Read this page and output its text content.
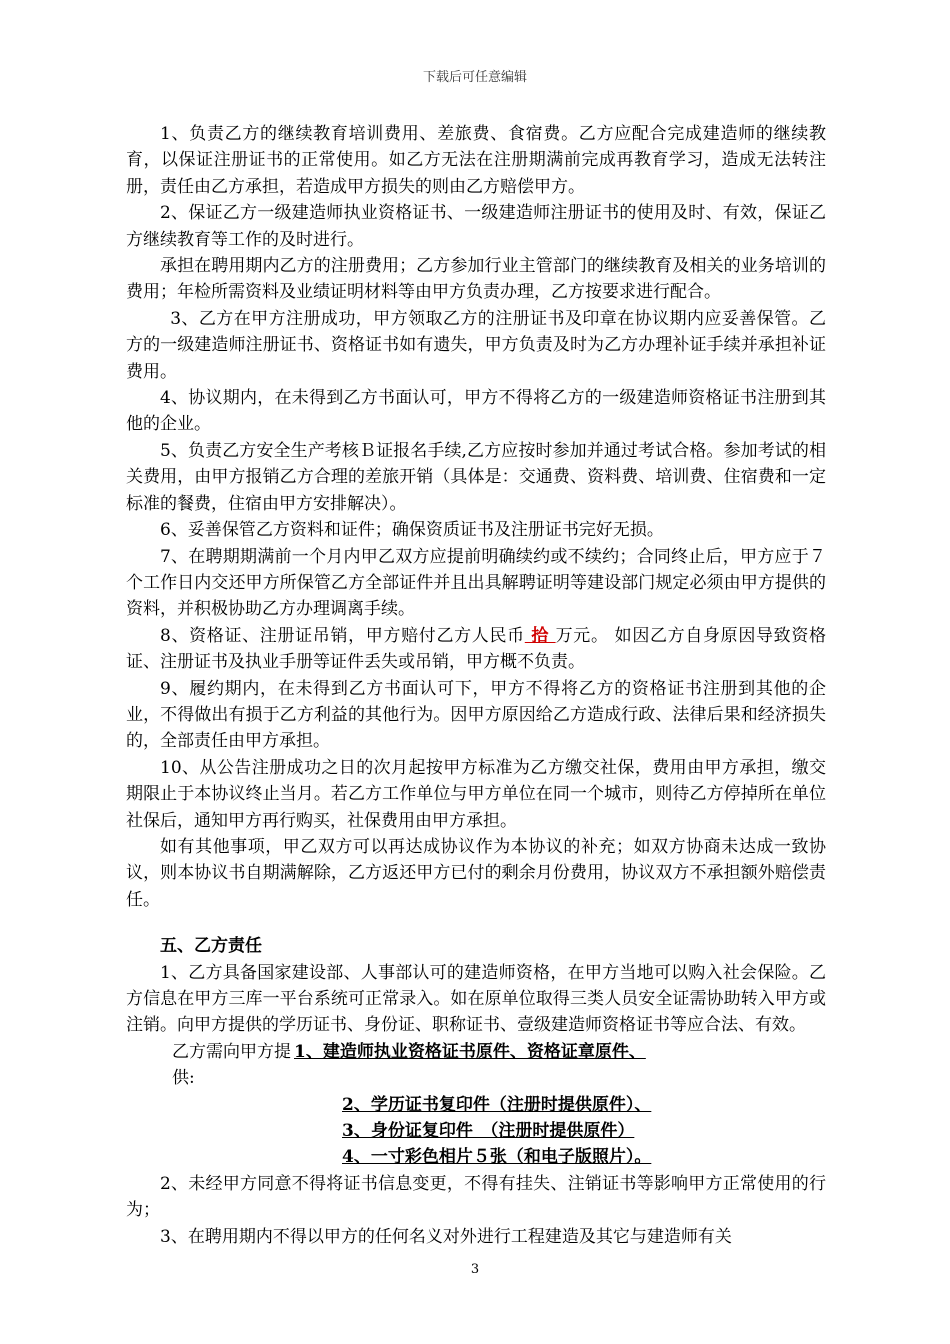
下载后可任意编辑

1、负责乙方的继续教育培训费用、差旅费、食宿费。乙方应配合完成建造师的继续教育，以保证注册证书的正常使用。如乙方无法在注册期满前完成再教育学习，造成无法转注册，责任由乙方承担，若造成甲方损失的则由乙方赔偿甲方。

2、保证乙方一级建造师执业资格证书、一级建造师注册证书的使用及时、有效，保证乙方继续教育等工作的及时进行。

承担在聘用期内乙方的注册费用；乙方参加行业主管部门的继续教育及相关的业务培训的费用；年检所需资料及业绩证明材料等由甲方负责办理，乙方按要求进行配合。

3、乙方在甲方注册成功，甲方领取乙方的注册证书及印章在协议期内应妥善保管。乙方的一级建造师注册证书、资格证书如有遗失，甲方负责及时为乙方办理补证手续并承担补证费用。

4、协议期内，在未得到乙方书面认可，甲方不得将乙方的一级建造师资格证书注册到其他的企业。

5、负责乙方安全生产考核Ｂ证报名手续,乙方应按时参加并通过考试合格。参加考试的相关费用，由甲方报销乙方合理的差旅开销（具体是：交通费、资料费、培训费、住宿费和一定标准的餐费，住宿由甲方安排解决）。

6、妥善保管乙方资料和证件；确保资质证书及注册证书完好无损。

7、在聘期期满前一个月内甲乙双方应提前明确续约或不续约；合同终止后，甲方应于７个工作日内交还甲方所保管乙方全部证件并且出具解聘证明等建设部门规定必须由甲方提供的资料，并积极协助乙方办理调离手续。

8、资格证、注册证吊销，甲方赔付乙方人民币 拾 万元。 如因乙方自身原因导致资格证、注册证书及执业手册等证件丢失或吊销，甲方概不负责。

9、履约期内，在未得到乙方书面认可下，甲方不得将乙方的资格证书注册到其他的企业，不得做出有损于乙方利益的其他行为。因甲方原因给乙方造成行政、法律后果和经济损失的，全部责任由甲方承担。

10、从公告注册成功之日的次月起按甲方标准为乙方缴交社保，费用由甲方承担，缴交期限止于本协议终止当月。若乙方工作单位与甲方单位在同一个城市，则待乙方停掉所在单位社保后，通知甲方再行购买，社保费用由甲方承担。

如有其他事项，甲乙双方可以再达成协议作为本协议的补充；如双方协商未达成一致协议，则本协议书自期满解除，乙方返还甲方已付的剩余月份费用，协议双方不承担额外赔偿责任。

五、乙方责任

1、乙方具备国家建设部、人事部认可的建造师资格，在甲方当地可以购入社会保险。乙方信息在甲方三库一平台系统可正常录入。如在原单位取得三类人员安全证需协助转入甲方或注销。向甲方提供的学历证书、身份证、职称证书、壹级建造师资格证书等应合法、有效。

乙方需向甲方提供:
1、建造师执业资格证书原件、资格证章原件、
2、学历证书复印件（注册时提供原件）、
3、身份证复印件　（注册时提供原件）
4、一寸彩色相片５张（和电子版照片）。

2、未经甲方同意不得将证书信息变更，不得有挂失、注销证书等影响甲方正常使用的行为；

3、在聘用期内不得以甲方的任何名义对外进行工程建造及其它与建造师有关

3
